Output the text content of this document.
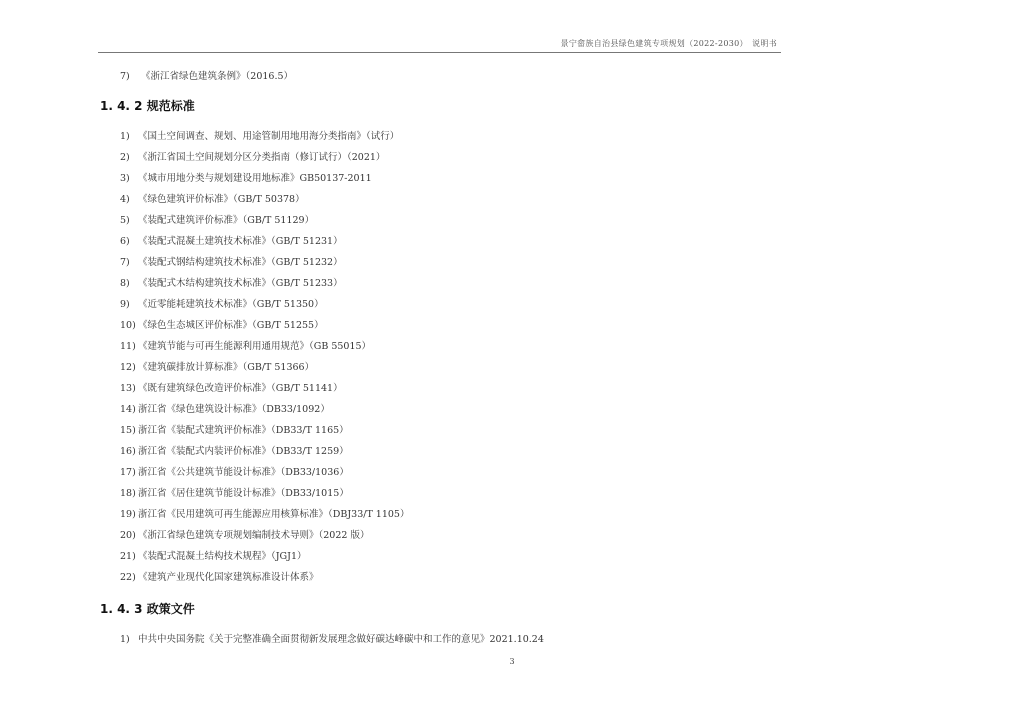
景宁畲族自治县绿色建筑专项规划（2022-2030）　说明书
7) 《浙江省绿色建筑条例》（2016.5）
1. 4. 2 规范标准
1) 《国土空间调查、规划、用途管制用地用海分类指南》（试行）
2) 《浙江省国土空间规划分区分类指南（修订试行）（2021）
3) 《城市用地分类与规划建设用地标准》GB50137-2011
4) 《绿色建筑评价标准》（GB/T 50378）
5) 《装配式建筑评价标准》（GB/T 51129）
6) 《装配式混凝土建筑技术标准》（GB/T 51231）
7) 《装配式钢结构建筑技术标准》（GB/T 51232）
8) 《装配式木结构建筑技术标准》（GB/T 51233）
9) 《近零能耗建筑技术标准》（GB/T 51350）
10) 《绿色生态城区评价标准》（GB/T 51255）
11) 《建筑节能与可再生能源利用通用规范》（GB 55015）
12) 《建筑碳排放计算标准》（GB/T 51366）
13) 《既有建筑绿色改造评价标准》（GB/T 51141）
14) 浙江省《绿色建筑设计标准》（DB33/1092）
15) 浙江省《装配式建筑评价标准》（DB33/T 1165）
16) 浙江省《装配式内装评价标准》（DB33/T 1259）
17) 浙江省《公共建筑节能设计标准》（DB33/1036）
18) 浙江省《居住建筑节能设计标准》（DB33/1015）
19) 浙江省《民用建筑可再生能源应用核算标准》（DBJ33/T 1105）
20) 《浙江省绿色建筑专项规划编制技术导则》（2022 版）
21) 《装配式混凝土结构技术规程》（JGJ1）
22) 《建筑产业现代化国家建筑标准设计体系》
1. 4. 3 政策文件
1) 中共中央国务院《关于完整准确全面贯彻新发展理念做好碳达峰碳中和工作的意见》2021.10.24
3
